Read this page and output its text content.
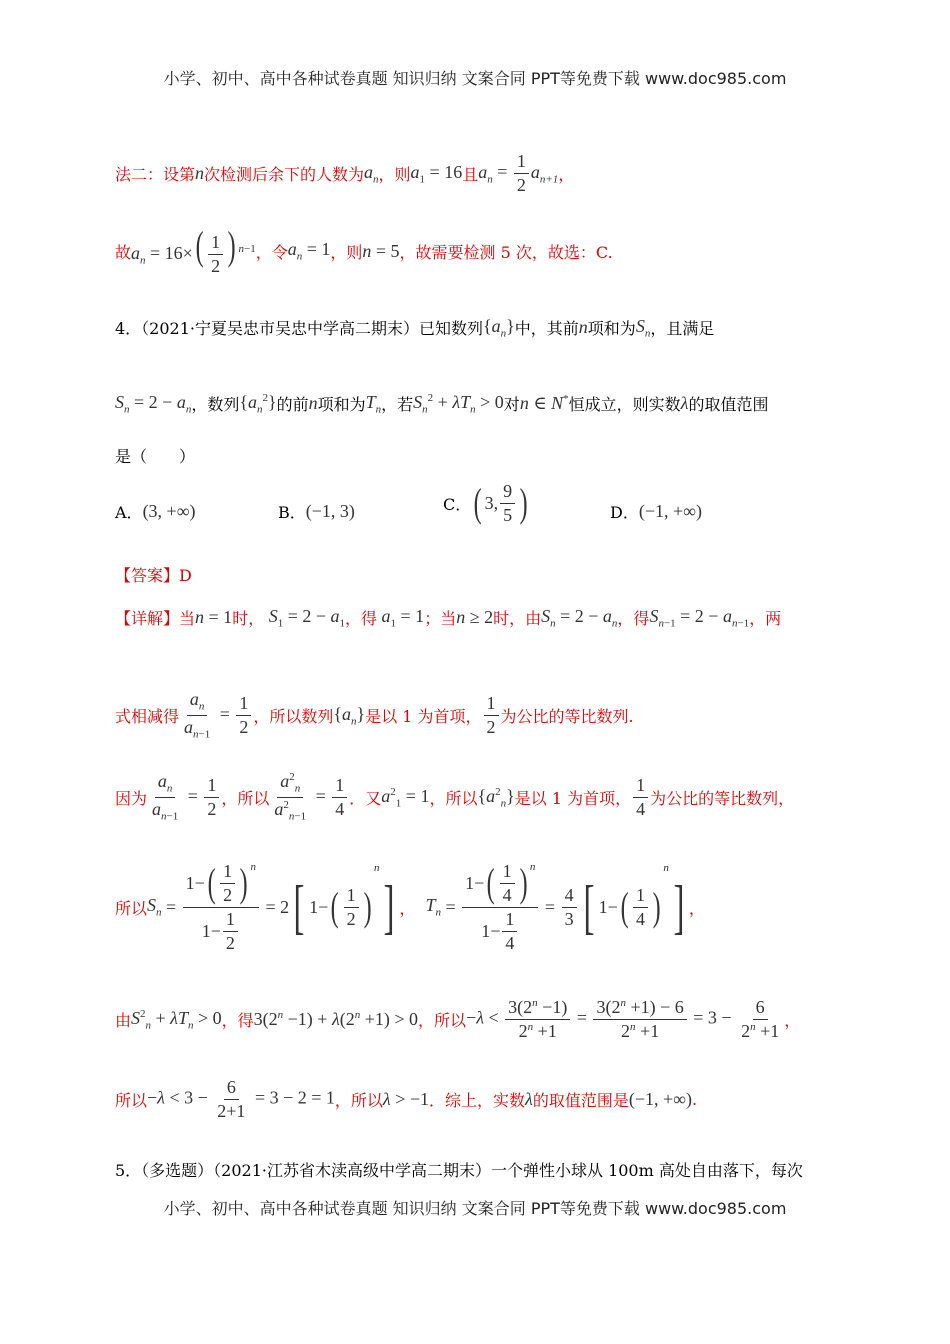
小学、初中、高中各种试卷真题 知识归纳 文案合同 PPT等免费下载 www.doc985.com
法二：设第 n 次检测后余下的人数为 $a_n$ ，则 $a_1 = 16$ 且 $a_n = \frac{1}{2} a_{n+1}$ ，
故 $a_n = 16\times( \frac{1}{2}$ ) $^{n-1}$ ，令 $a_n = 1$ ，则 n = 5 ，故需要检测 5 次，故选：C.
4．（2021·宁夏吴忠市吴忠中学高二期末）已知数列 $\{a_n\}$ 中，其前 n 项和为 $S_n$ ，且满足
$S_n = 2 - a_n$ ，数列 $\{a_n^2\}$ 的前 n 项和为 $T_n$ ，若 $S_n^2 + \lambda T_n > 0$ 对 n ∈ N* 恒成立，则实数 λ 的取值范围
是（　　）
A． (3, +∞)	B． (−1, 3)	C． ( 3, $\frac{9}{5}$ )	D． (−1, +∞)
【答案】D
【详解】 当 n = 1 时， $S_1 = 2 - a_1$ ，得 $a_1 = 1$ ；当 n ≥ 2 时，由 $S_n = 2 - a_n$ ，得 $S_{n-1} = 2 - a_{n-1}$ ，两
式相减得 $\frac{a_n}{a_{n-1}} = \frac{1}{2}$ ，所以数列 $\{a_n\}$ 是以 1 为首项， $\frac{1}{2}$ 为公比的等比数列.
因为 $\frac{a_n}{a_{n-1}} = \frac{1}{2}$ ，所以 $\frac{a^2_n}{a^2_{n-1}} = \frac{1}{4}$ ．又 $a^2_1 = 1$ ，所以 $\{a^2_n\}$ 是以 1 为首项， $\frac{1}{4}$ 为公比的等比数列，
所以 $S_n = \frac{1- ( \frac{1}{2} ) ^n}{1- \frac{1}{2}} = 2$ [ 1− ( $\frac{1}{2}$ )
n
] ， $T_n = \frac{1- ( \frac{1}{4} ) ^n}{1- \frac{1}{4}} = \frac{4}{3}$ [ 1− ( $\frac{1}{4}$ )
n
] ，
由 $S^2_n + \lambda T_n > 0$ ，得 $3(2^n -1) + \lambda(2^n +1) > 0$ ，所以 $-\lambda < \frac{3(2^n -1)}{2^n +1} = \frac{3(2^n +1) - 6}{2^n +1} = 3 - \frac{6}{2^n +1}$ ，
所以 $-\lambda < 3 - \frac{6}{2+1} = 3 - 2 = 1$ ，所以 λ > −1 ．综上，实数 λ 的取值范围是 (−1, +∞) .
5．（多选题）（2021·江苏省木渎高级中学高二期末）一个弹性小球从 100m 高处自由落下，每次
小学、初中、高中各种试卷真题 知识归纳 文案合同 PPT等免费下载 www.doc985.com
